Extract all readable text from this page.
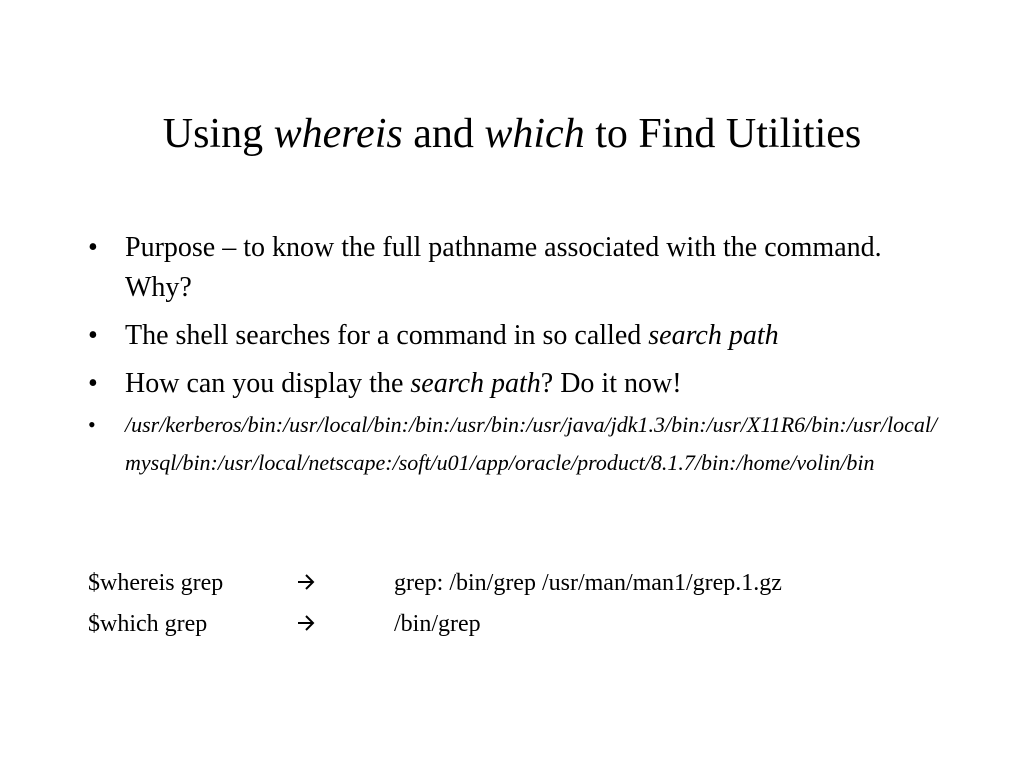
Using whereis and which to Find Utilities
• Purpose – to know the full pathname associated with the command. Why?
• The shell searches for a command in so called search path
• How can you display the search path? Do it now!
•	/usr/kerberos/bin:/usr/local/bin:/bin:/usr/bin:/usr/java/jdk1.3/bin:/usr/X11R6/bin:/usr/local/mysql/bin:/usr/local/netscape:/soft/u01/app/oracle/product/8.1.7/bin:/home/volin/bin
$whereis grep	grep: /bin/grep /usr/man/man1/grep.1.gz
$which grep	/bin/grep
